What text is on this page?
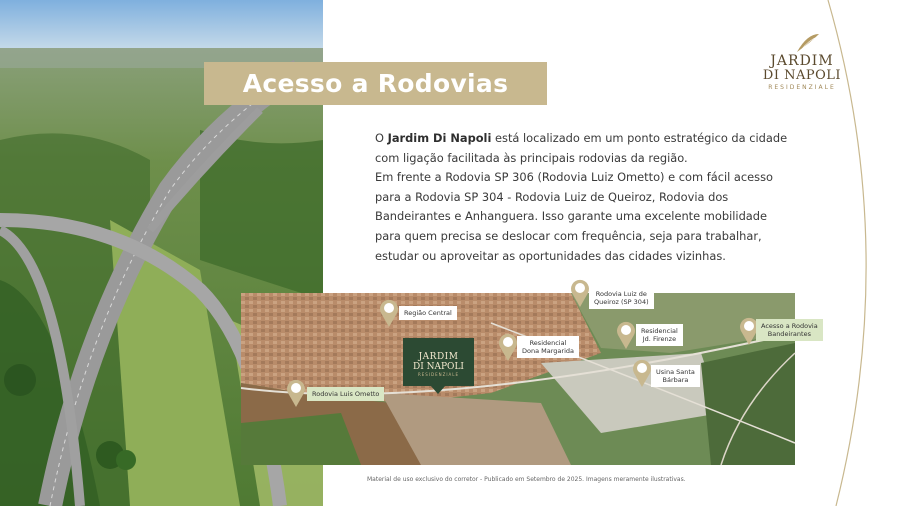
Acesso a Rodovias
JARDIM
DI NAPOLI
RESIDENZIALE

O Jardim Di Napoli está localizado em um ponto estratégico da cidade com ligação facilitada às principais rodovias da região.

Em frente a Rodovia SP 306 (Rodovia Luiz Ometto) e com fácil acesso para a Rodovia SP 304 - Rodovia Luiz de Queiroz, Rodovia dos Bandeirantes e Anhanguera. Isso garante uma excelente mobilidade para quem precisa se deslocar com frequência, seja para trabalhar, estudar ou aproveitar as oportunidades das cidades vizinhas.

Região Central
Rodovia Luiz de
Queiroz (SP 304)
Residencial
Jd. Firenze
Acesso a Rodovia
Bandeirantes
Residencial
Dona Margarida
Usina Santa
Bárbara
Rodovia Luis Ometto
JARDIM
DI NAPOLI
RESIDENZIALE
Material de uso exclusivo do corretor - Publicado em Setembro de 2025. Imagens meramente ilustrativas.
